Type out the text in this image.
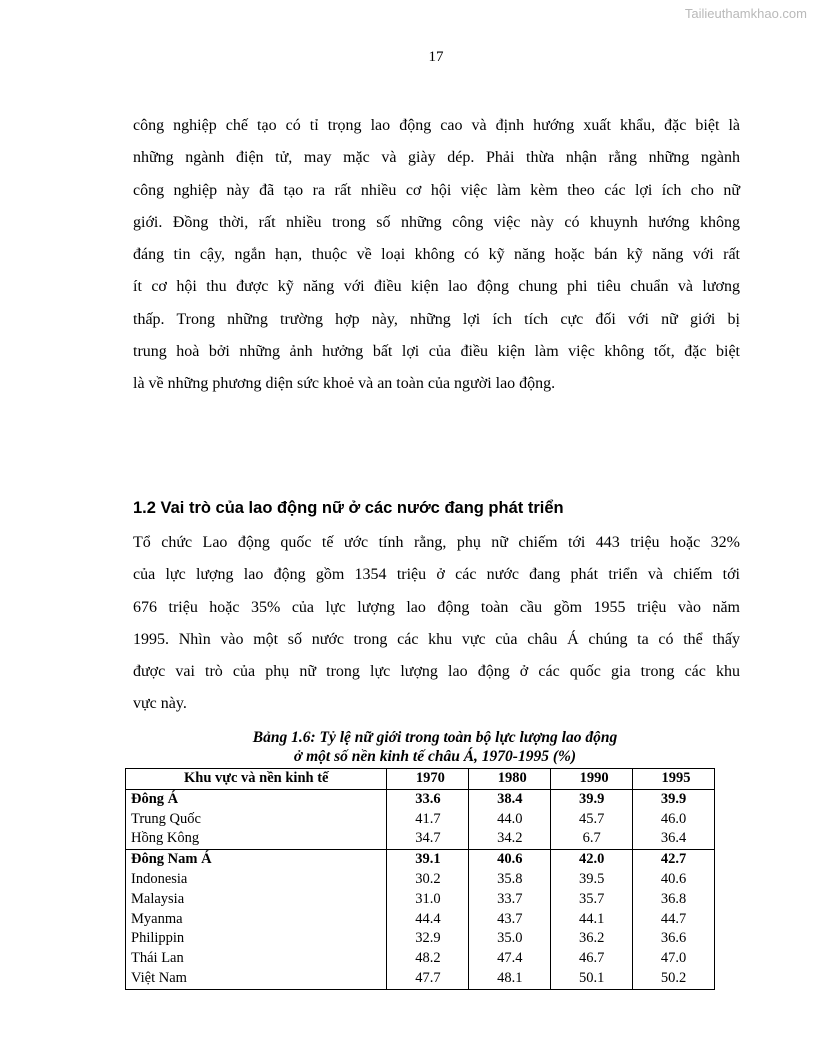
Tailieuthamkhao.com
17

công nghiệp chế tạo có tỉ trọng lao động cao và định hướng xuất khẩu, đặc biệt là
những ngành điện tử, may mặc và giày dép. Phải thừa nhận rằng những ngành
công nghiệp này đã tạo ra rất nhiều cơ hội việc làm kèm theo các lợi ích cho nữ
giới. Đồng thời, rất nhiều trong số những công việc này có khuynh hướng không
đáng tin cậy, ngắn hạn, thuộc về loại không có kỹ năng hoặc bán kỹ năng với rất
ít cơ hội thu được kỹ năng với điều kiện lao động chung phi tiêu chuẩn và lương
thấp. Trong những trường hợp này, những lợi ích tích cực đối với nữ giới bị
trung hoà bởi những ảnh hưởng bất lợi của điều kiện làm việc không tốt, đặc biệt
là về những phương diện sức khoẻ và an toàn của người lao động.

1.2 Vai trò của lao động nữ ở các nước đang phát triển

Tổ chức Lao động quốc tế ước tính rằng, phụ nữ chiếm tới 443 triệu hoặc 32%
của lực lượng lao động gồm 1354 triệu ở các nước đang phát triển và chiếm tới
676 triệu hoặc 35% của lực lượng lao động toàn cầu gồm 1955 triệu vào năm
1995. Nhìn vào một số nước trong các khu vực của châu Á chúng ta có thể thấy
được vai trò của phụ nữ trong lực lượng lao động ở các quốc gia trong các khu
vực này.

Bảng 1.6: Tỷ lệ nữ giới trong toàn bộ lực lượng lao động
ở một số nền kinh tế châu Á, 1970-1995 (%)
Khu vực và nền kinh tế	1970	1980	1990	1995
Đông Á	33.6	38.4	39.9	39.9
Trung Quốc	41.7	44.0	45.7	46.0
Hồng Kông	34.7	34.2	6.7	36.4
Đông Nam Á	39.1	40.6	42.0	42.7
Indonesia	30.2	35.8	39.5	40.6
Malaysia	31.0	33.7	35.7	36.8
Myanma	44.4	43.7	44.1	44.7
Philippin	32.9	35.0	36.2	36.6
Thái Lan	48.2	47.4	46.7	47.0
Việt Nam	47.7	48.1	50.1	50.2
